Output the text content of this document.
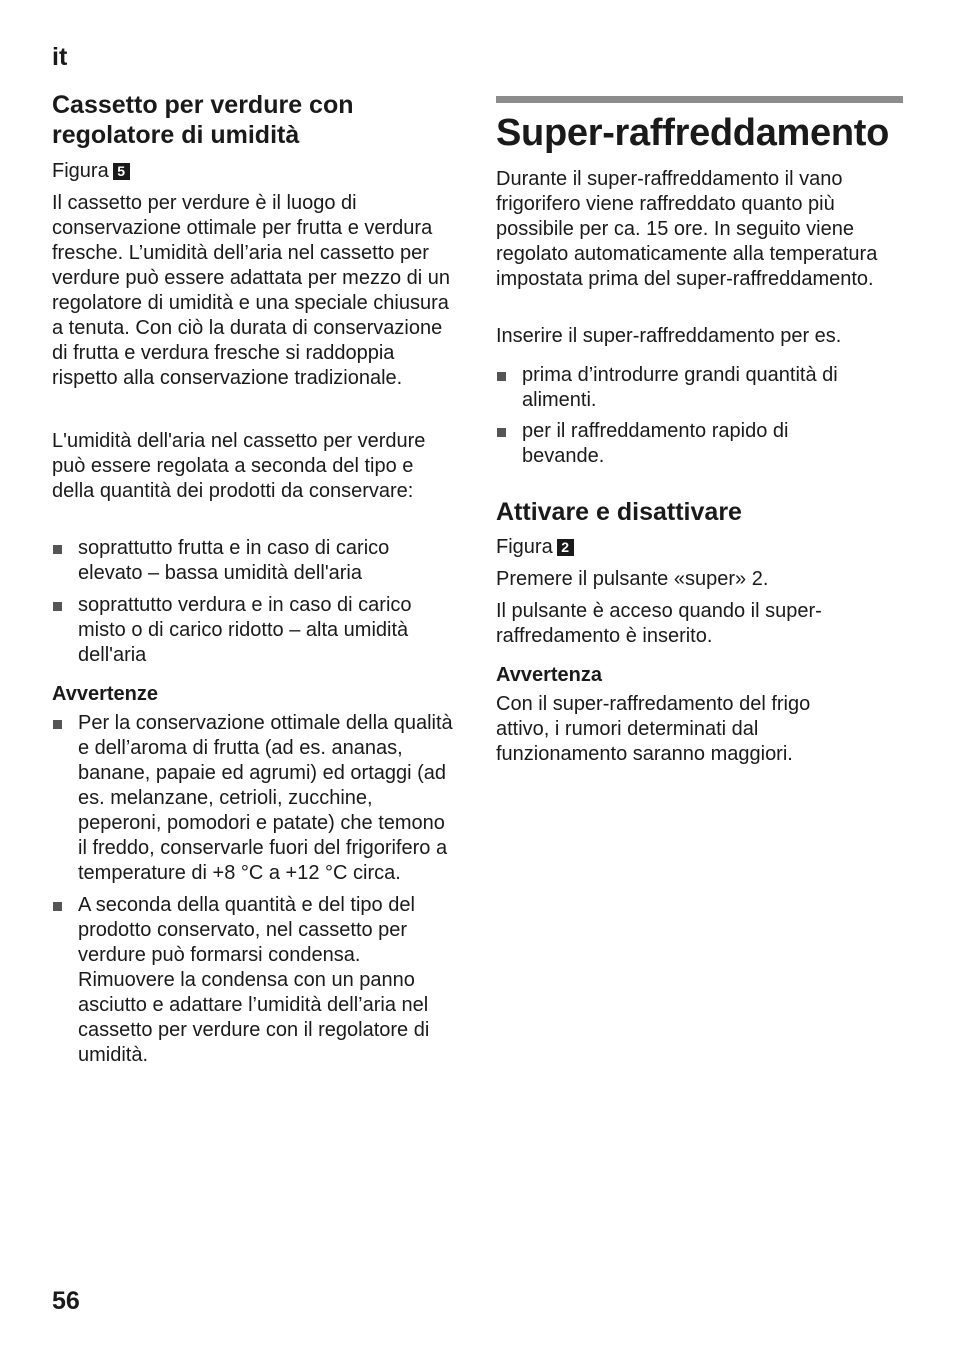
it
Cassetto per verdure con regolatore di umidità

Figura 5

Il cassetto per verdure è il luogo di conservazione ottimale per frutta e verdura fresche. L’umidità dell’aria nel cassetto per verdure può essere adattata per mezzo di un regolatore di umidità e una speciale chiusura a tenuta. Con ciò la durata di conservazione di frutta e verdura fresche si raddoppia rispetto alla conservazione tradizionale.

L'umidità dell'aria nel cassetto per verdure può essere regolata a seconda del tipo e della quantità dei prodotti da conservare:

soprattutto frutta e in caso di carico elevato – bassa umidità dell'aria
soprattutto verdura e in caso di carico misto o di carico ridotto – alta umidità dell'aria
Avvertenze
Per la conservazione ottimale della qualità e dell’aroma di frutta (ad es. ananas, banane, papaie ed agrumi) ed ortaggi (ad es. melanzane, cetrioli, zucchine, peperoni, pomodori e patate) che temono il freddo, conservarle fuori del frigorifero a temperature di +8 °C a +12 °C circa.
A seconda della quantità e del tipo del prodotto conservato, nel cassetto per verdure può formarsi condensa. Rimuovere la condensa con un panno asciutto e adattare l’umidità dell’aria nel cassetto per verdure con il regolatore di umidità.
Super-raffreddamento

Durante il super-raffreddamento il vano frigorifero viene raffreddato quanto più possibile per ca. 15 ore. In seguito viene regolato automaticamente alla temperatura impostata prima del super-raffreddamento.

Inserire il super-raffreddamento per es.

prima d’introdurre grandi quantità di alimenti.
per il raffreddamento rapido di bevande.
Attivare e disattivare

Figura 2

Premere il pulsante «super» 2.

Il pulsante è acceso quando il super-raffredamento è inserito.

Avvertenza

Con il super-raffredamento del frigo attivo, i rumori determinati dal funzionamento saranno maggiori.

56
